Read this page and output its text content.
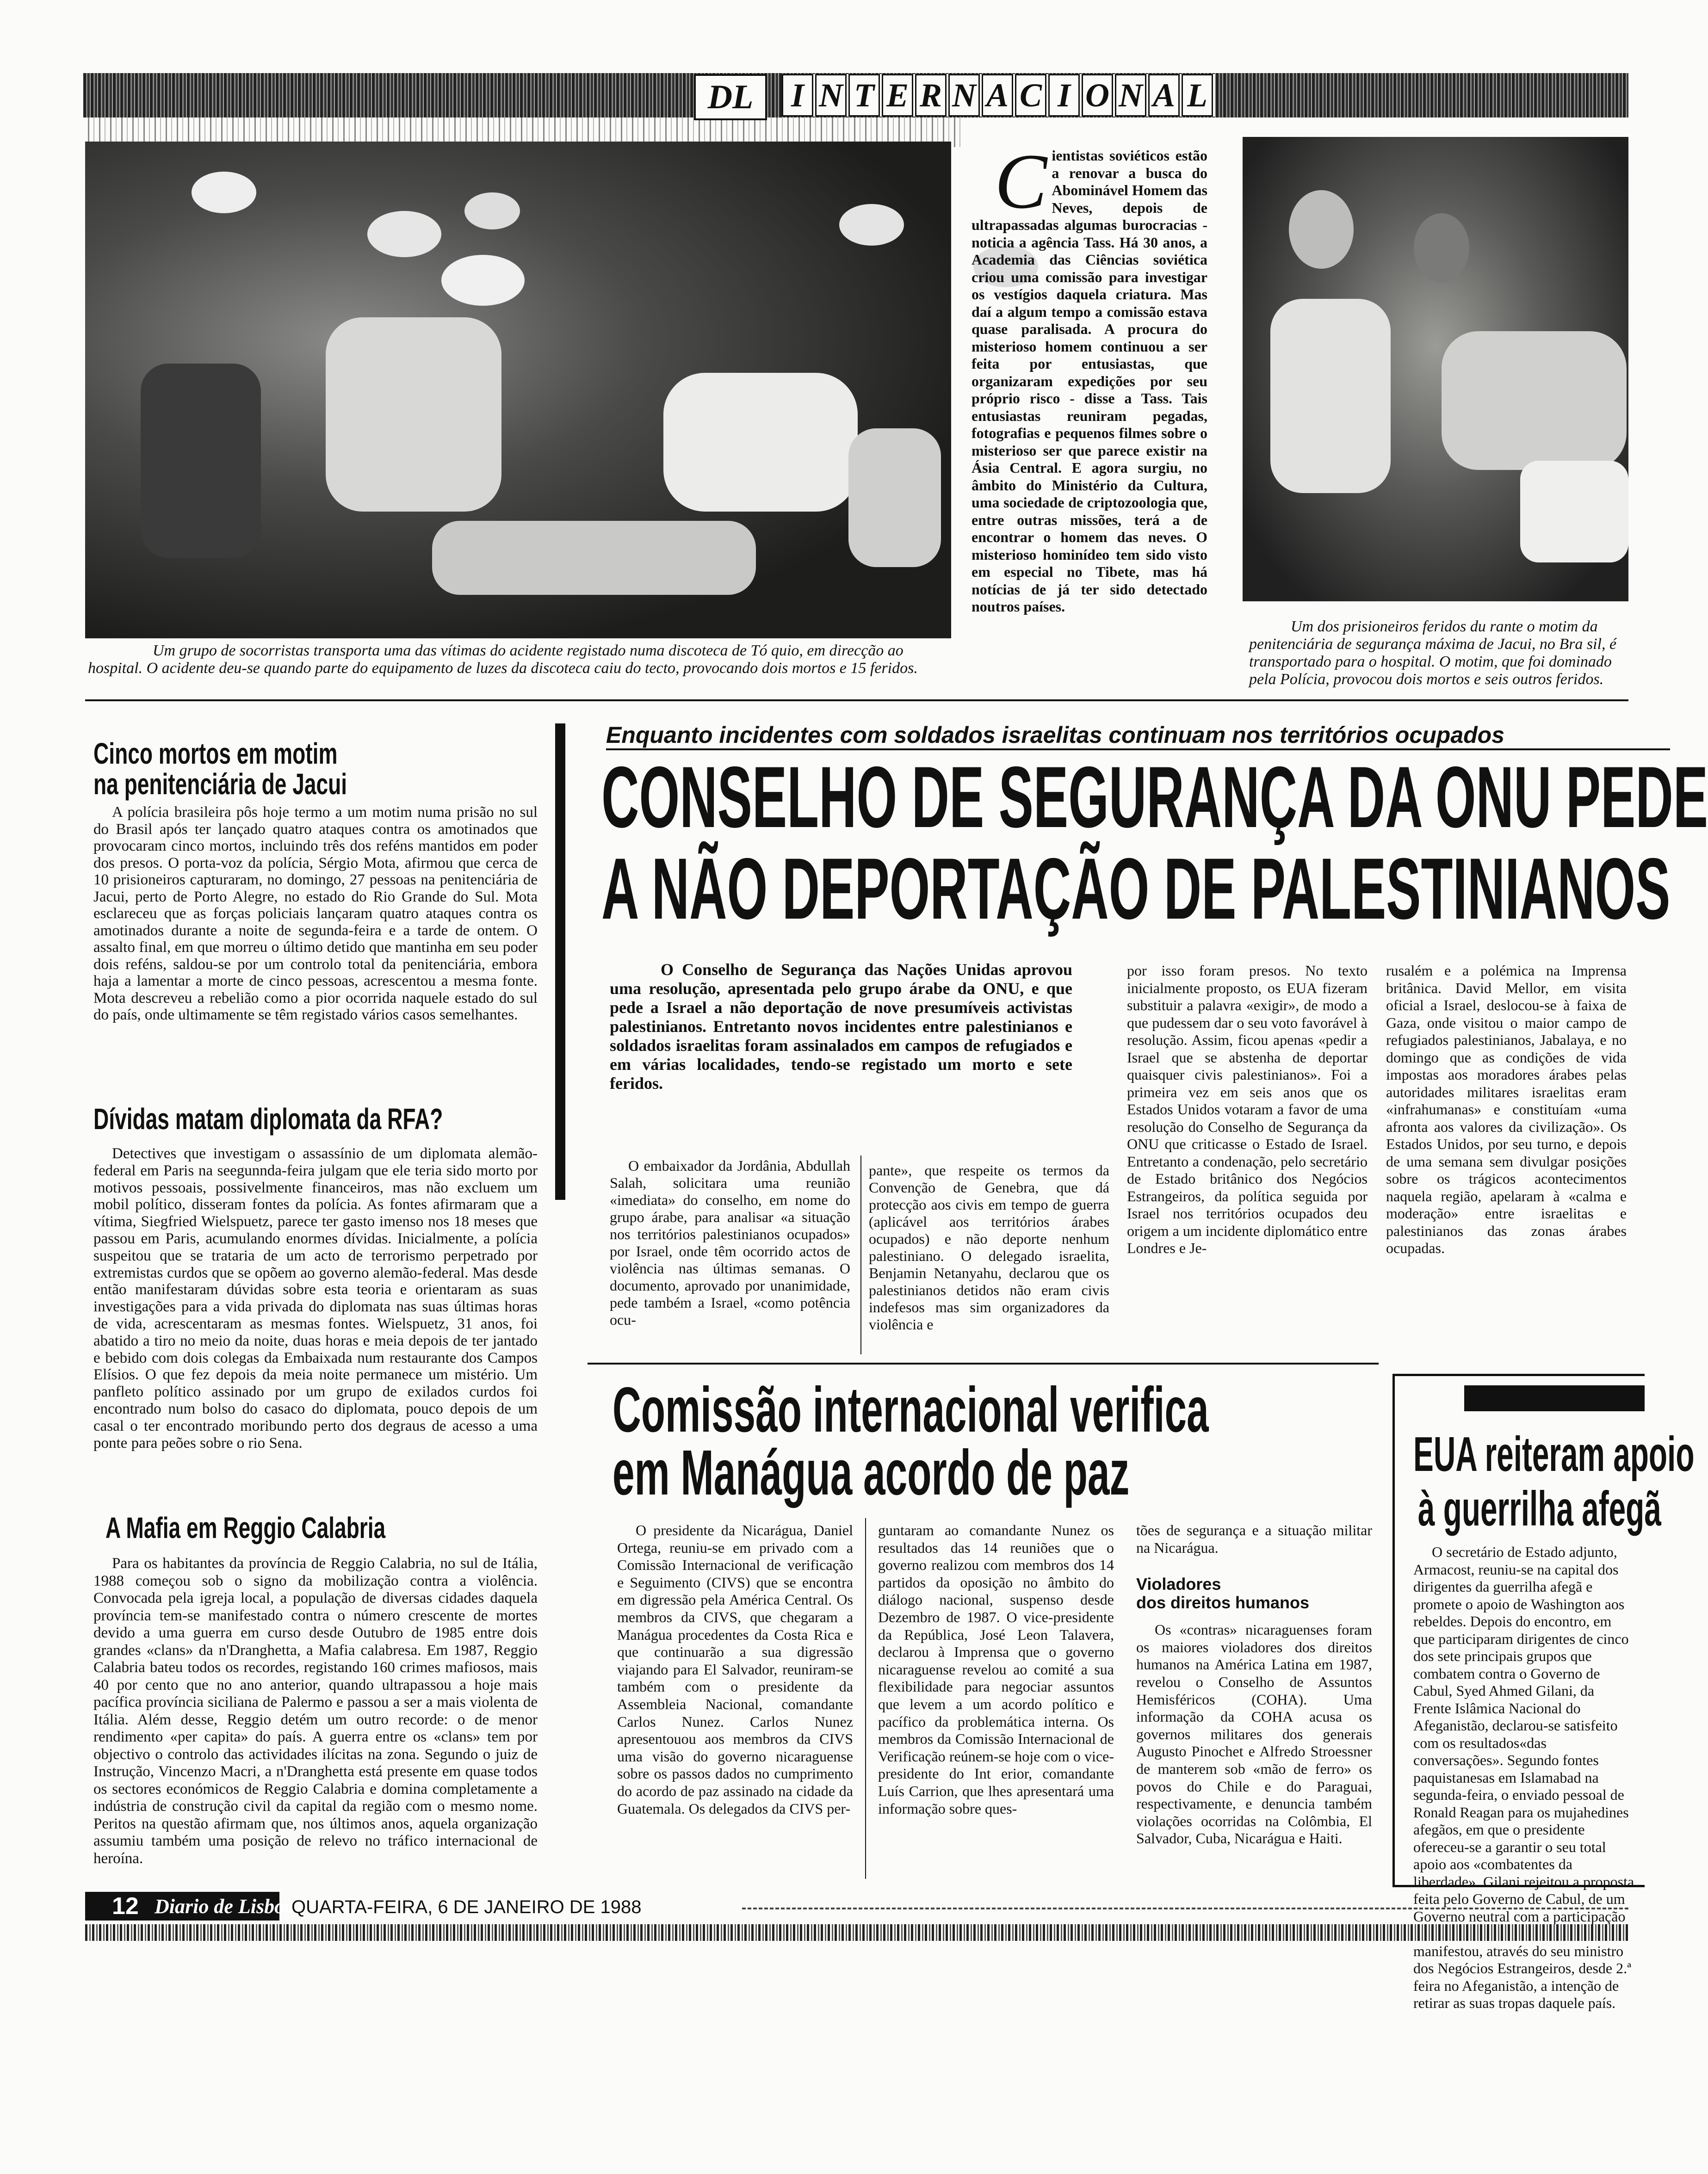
DL I N T E R N A C I O N A L

Um grupo de socorristas transporta uma das vítimas do acidente registado numa discoteca de Tó quio, em direcção ao hospital. O acidente deu-se quando parte do equipamento de luzes da discoteca caiu do tecto, provocando dois mortos e 15 feridos.

C ientistas soviéticos estão a renovar a busca do Abominável Homem das Neves, depois de ultrapassadas algumas burocracias - noticia a agência Tass. Há 30 anos, a Academia das Ciências soviética criou uma comissão para investigar os vestígios daquela criatura. Mas daí a algum tempo a comissão estava quase paralisada. A procura do misterioso homem continuou a ser feita por entusiastas, que organizaram expedições por seu próprio risco - disse a Tass. Tais entusiastas reuniram pegadas, fotografias e pequenos filmes sobre o misterioso ser que parece existir na Ásia Central. E agora surgiu, no âmbito do Ministério da Cultura, uma sociedade de criptozoologia que, entre outras missões, terá a de encontrar o homem das neves. O misterioso hominídeo tem sido visto em especial no Tibete, mas há notícias de já ter sido detectado noutros países.

Um dos prisioneiros feridos du rante o motim da penitenciária de segurança máxima de Jacui, no Bra sil, é transportado para o hospital. O motim, que foi dominado pela Polícia, provocou dois mortos e seis outros feridos.

Cinco mortos em motim
na penitenciária de Jacui

A polícia brasileira pôs hoje termo a um motim numa prisão no sul do Brasil após ter lançado quatro ataques contra os amotinados que provocaram cinco mortos, incluindo três dos reféns mantidos em poder dos presos. O porta-voz da polícia, Sérgio Mota, afirmou que cerca de 10 prisioneiros capturaram, no domingo, 27 pessoas na penitenciária de Jacui, perto de Porto Alegre, no estado do Rio Grande do Sul. Mota esclareceu que as forças policiais lançaram quatro ataques contra os amotinados durante a noite de segunda-feira e a tarde de ontem. O assalto final, em que morreu o último detido que mantinha em seu poder dois reféns, saldou-se por um controlo total da penitenciária, embora haja a lamentar a morte de cinco pessoas, acrescentou a mesma fonte. Mota descreveu a rebelião como a pior ocorrida naquele estado do sul do país, onde ultimamente se têm registado vários casos semelhantes.

Dívidas matam diplomata da RFA?

Detectives que investigam o assassínio de um diplomata alemão-federal em Paris na seegunnda-feira julgam que ele teria sido morto por motivos pessoais, possivelmente financeiros, mas não excluem um mobil político, disseram fontes da polícia. As fontes afirmaram que a vítima, Siegfried Wielspuetz, parece ter gasto imenso nos 18 meses que passou em Paris, acumulando enormes dívidas. Inicialmente, a polícia suspeitou que se trataria de um acto de terrorismo perpetrado por extremistas curdos que se opõem ao governo alemão-federal. Mas desde então manifestaram dúvidas sobre esta teoria e orientaram as suas investigações para a vida privada do diplomata nas suas últimas horas de vida, acrescentaram as mesmas fontes. Wielspuetz, 31 anos, foi abatido a tiro no meio da noite, duas horas e meia depois de ter jantado e bebido com dois colegas da Embaixada num restaurante dos Campos Elísios. O que fez depois da meia noite permanece um mistério. Um panfleto político assinado por um grupo de exilados curdos foi encontrado num bolso do casaco do diplomata, pouco depois de um casal o ter encontrado moribundo perto dos degraus de acesso a uma ponte para peões sobre o rio Sena.

A Mafia em Reggio Calabria

Para os habitantes da província de Reggio Calabria, no sul de Itália, 1988 começou sob o signo da mobilização contra a violência. Convocada pela igreja local, a população de diversas cidades daquela província tem-se manifestado contra o número crescente de mortes devido a uma guerra em curso desde Outubro de 1985 entre dois grandes «clans» da n'Dranghetta, a Mafia calabresa. Em 1987, Reggio Calabria bateu todos os recordes, registando 160 crimes mafiosos, mais 40 por cento que no ano anterior, quando ultrapassou a hoje mais pacífica província siciliana de Palermo e passou a ser a mais violenta de Itália. Além desse, Reggio detém um outro recorde: o de menor rendimento «per capita» do país. A guerra entre os «clans» tem por objectivo o controlo das actividades ilícitas na zona. Segundo o juiz de Instrução, Vincenzo Macri, a n'Dranghetta está presente em quase todos os sectores económicos de Reggio Calabria e domina completamente a indústria de construção civil da capital da região com o mesmo nome. Peritos na questão afirmam que, nos últimos anos, aquela organização assumiu também uma posição de relevo no tráfico internacional de heroína.

Enquanto incidentes com soldados israelitas continuam nos territórios ocupados
CONSELHO DE SEGURANÇA DA ONU PEDE
A NÃO DEPORTAÇÃO DE PALESTINIANOS

O Conselho de Segurança das Nações Unidas aprovou uma resolução, apresentada pelo grupo árabe da ONU, e que pede a Israel a não deportação de nove presumíveis activistas palestinianos. Entretanto novos incidentes entre palestinianos e soldados israelitas foram assinalados em campos de refugiados e em várias localidades, tendo-se registado um morto e sete feridos.

O embaixador da Jordânia, Abdullah Salah, solicitara uma reunião «imediata» do conselho, em nome do grupo árabe, para analisar «a situação nos territórios palestinianos ocupados» por Israel, onde têm ocorrido actos de violência nas últimas semanas. O documento, aprovado por unanimidade, pede também a Israel, «como potência ocu-

pante», que respeite os termos da Convenção de Genebra, que dá protecção aos civis em tempo de guerra (aplicável aos territórios árabes ocupados) e não deporte nenhum palestiniano. O delegado israelita, Benjamin Netanyahu, declarou que os palestinianos detidos não eram civis indefesos mas sim organizadores da violência e

por isso foram presos. No texto inicialmente proposto, os EUA fizeram substituir a palavra «exigir», de modo a que pudessem dar o seu voto favorável à resolução. Assim, ficou apenas «pedir a Israel que se abstenha de deportar quaisquer civis palestinianos». Foi a primeira vez em seis anos que os Estados Unidos votaram a favor de uma resolução do Conselho de Segurança da ONU que criticasse o Estado de Israel. Entretanto a condenação, pelo secretário de Estado britânico dos Negócios Estrangeiros, da política seguida por Israel nos territórios ocupados deu origem a um incidente diplomático entre Londres e Je-

rusalém e a polémica na Imprensa britânica. David Mellor, em visita oficial a Israel, deslocou-se à faixa de Gaza, onde visitou o maior campo de refugiados palestinianos, Jabalaya, e no domingo que as condições de vida impostas aos moradores árabes pelas autoridades militares israelitas eram «infrahumanas» e constituíam «uma afronta aos valores da civilização». Os Estados Unidos, por seu turno, e depois de uma semana sem divulgar posições sobre os trágicos acontecimentos naquela região, apelaram à «calma e moderação» entre israelitas e palestinianos das zonas árabes ocupadas.

Comissão internacional verifica
em Manágua acordo de paz

O presidente da Nicarágua, Daniel Ortega, reuniu-se em privado com a Comissão Internacional de verificação e Seguimento (CIVS) que se encontra em digressão pela América Central. Os membros da CIVS, que chegaram a Manágua procedentes da Costa Rica e que continuarão a sua digressão viajando para El Salvador, reuniram-se também com o presidente da Assembleia Nacional, comandante Carlos Nunez. Carlos Nunez apresentouou aos membros da CIVS uma visão do governo nicaraguense sobre os passos dados no cumprimento do acordo de paz assinado na cidade da Guatemala. Os delegados da CIVS per-

guntaram ao comandante Nunez os resultados das 14 reuniões que o governo realizou com membros dos 14 partidos da oposição no âmbito do diálogo nacional, suspenso desde Dezembro de 1987. O vice-presidente da República, José Leon Talavera, declarou à Imprensa que o governo nicaraguense revelou ao comité a sua flexibilidade para negociar assuntos que levem a um acordo político e pacífico da problemática interna. Os membros da Comissão Internacional de Verificação reúnem-se hoje com o vice-presidente do Int erior, comandante Luís Carrion, que lhes apresentará uma informação sobre ques-

tões de segurança e a situação militar na Nicarágua.

Violadores
dos direitos humanos

Os «contras» nicaraguenses foram os maiores violadores dos direitos humanos na América Latina em 1987, revelou o Conselho de Assuntos Hemisféricos (COHA). Uma informação da COHA acusa os governos militares dos generais Augusto Pinochet e Alfredo Stroessner de manterem sob «mão de ferro» os povos do Chile e do Paraguai, respectivamente, e denuncia também violações ocorridas na Colômbia, El Salvador, Cuba, Nicarágua e Haiti.

EUA reiteram apoio
à guerrilha afegã

O secretário de Estado adjunto, Armacost, reuniu-se na capital dos dirigentes da guerrilha afegã e promete o apoio de Washington aos rebeldes. Depois do encontro, em que participaram dirigentes de cinco dos sete principais grupos que combatem contra o Governo de Cabul, Syed Ahmed Gilani, da Frente Islâmica Nacional do Afeganistão, declarou-se satisfeito com os resultados«das conversações». Segundo fontes paquistanesas em Islamabad na segunda-feira, o enviado pessoal de Ronald Reagan para os mujahedines afegãos, em que o presidente ofereceu-se a garantir o seu total apoio aos «combatentes da liberdade». Gilani rejeitou a proposta feita pelo Governo de Cabul, de um Governo neutral com a participação manifestou, através do seu ministro dos Negócios Estrangeiros, desde 2.ª feira no Afeganistão, a intenção de retirar as suas tropas daquele país.

12 Diario de Lisboa
QUARTA-FEIRA, 6 DE JANEIRO DE 1988
